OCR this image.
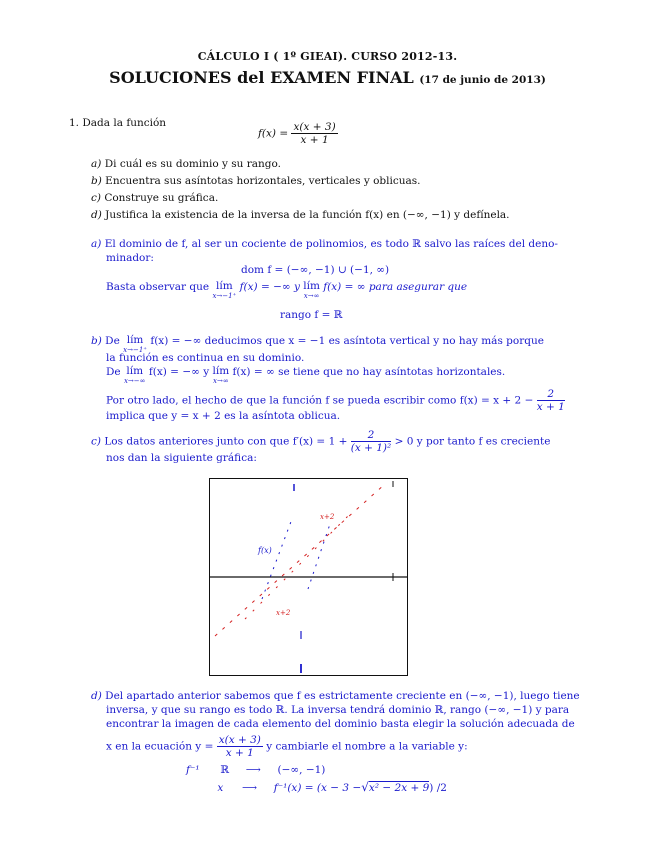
CÁLCULO I ( 1º GIEAI). CURSO 2012-13.
SOLUCIONES del EXAMEN FINAL (17 de junio de 2013)
1. Dada la función
$f(x) = \frac{x(x + 3)}{x + 1}$
a) Di cuál es su dominio y su rango.
b) Encuentra sus asíntotas horizontales, verticales y oblicuas.
c) Construye su gráfica.
d) Justifica la existencia de la inversa de la función f(x) en (−∞, −1) y defínela.
a) El dominio de f, al ser un cociente de polinomios, es todo ℝ salvo las raíces del deno-
minador:
dom f = (−∞, −1) ∪ (−1, ∞)
Basta observar que lím
x→−1⁺
f(x) = −∞ y lím
x→∞
f(x) = ∞ para asegurar que
rango f = ℝ
b) De lím
x→−1⁺
f(x) = −∞ deducimos que x = −1 es asíntota vertical y no hay más porque
la función es continua en su dominio.
De lím
x→−∞
f(x) = −∞ y lím
x→∞
f(x) = ∞ se tiene que no hay asíntotas horizontales.
Por otro lado, el hecho de que la función f se pueda escribir como $f(x) = x + 2 - \frac{2}{x + 1}$
implica que y = x + 2 es la asíntota oblicua.
c) Los datos anteriores junto con que $f'(x) = 1 + \frac{2}{\text{(x + 1)²}} > 0$ y por tanto f es creciente
nos dan la siguiente gráfica:
f(x)
x+2
x+2
d) Del apartado anterior sabemos que f es estrictamente creciente en (−∞, −1), luego tiene
inversa, y que su rango es todo ℝ. La inversa tendrá dominio ℝ, rango (−∞, −1) y para
encontrar la imagen de cada elemento del dominio basta elegir la solución adecuada de
x en la ecuación $y = \frac{x(x + 3)}{x + 1}$ y cambiarle el nombre a la variable y:
f⁻¹ ℝ ⟶ (−∞, −1)
x ⟶ f⁻¹(x) = (x − 3 −√x² − 2x + 9) /2
